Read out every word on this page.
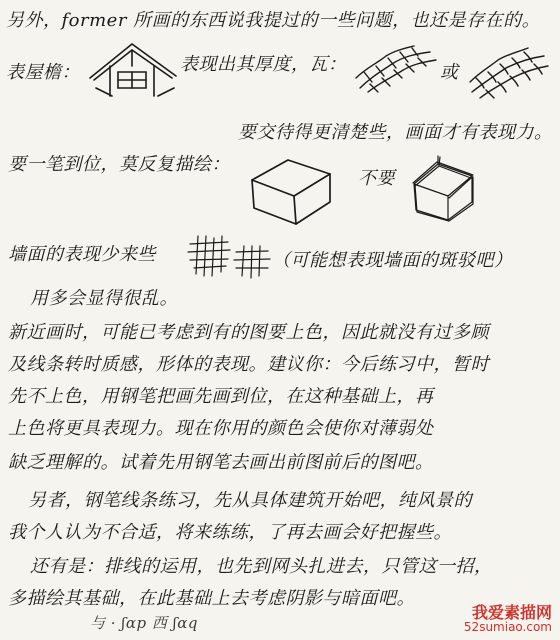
另外，former 所画的东西说我提过的一些问题，也还是存在的。
表屋檐：	表现出其厚度，瓦：	或
要交待得更清楚些，画面才有表现力。
要一笔到位，莫反复描绘：
不要
墙面的表现少来些	（可能想表现墙面的斑驳吧）
用多会显得很乱。
新近画时，可能已考虑到有的图要上色，因此就没有过多顾
及线条转时质感，形体的表现。建议你：今后练习中，暂时
先不上色，用钢笔把画先画到位，在这种基础上，再
上色将更具表现力。现在你用的颜色会使你对薄弱处
缺乏理解的。试着先用钢笔去画出前图前后的图吧。
另者，钢笔线条练习，先从具体建筑开始吧，纯风景的
我个人认为不合适，将来练练，了再去画会好把握些。
还有是：排线的运用，也先到网头扎进去，只管这一招，
多描绘其基础，在此基础上去考虑阴影与暗面吧。
与 · ʃɑp 西 ʃɑq
我爱素描网
52sumiao.com
